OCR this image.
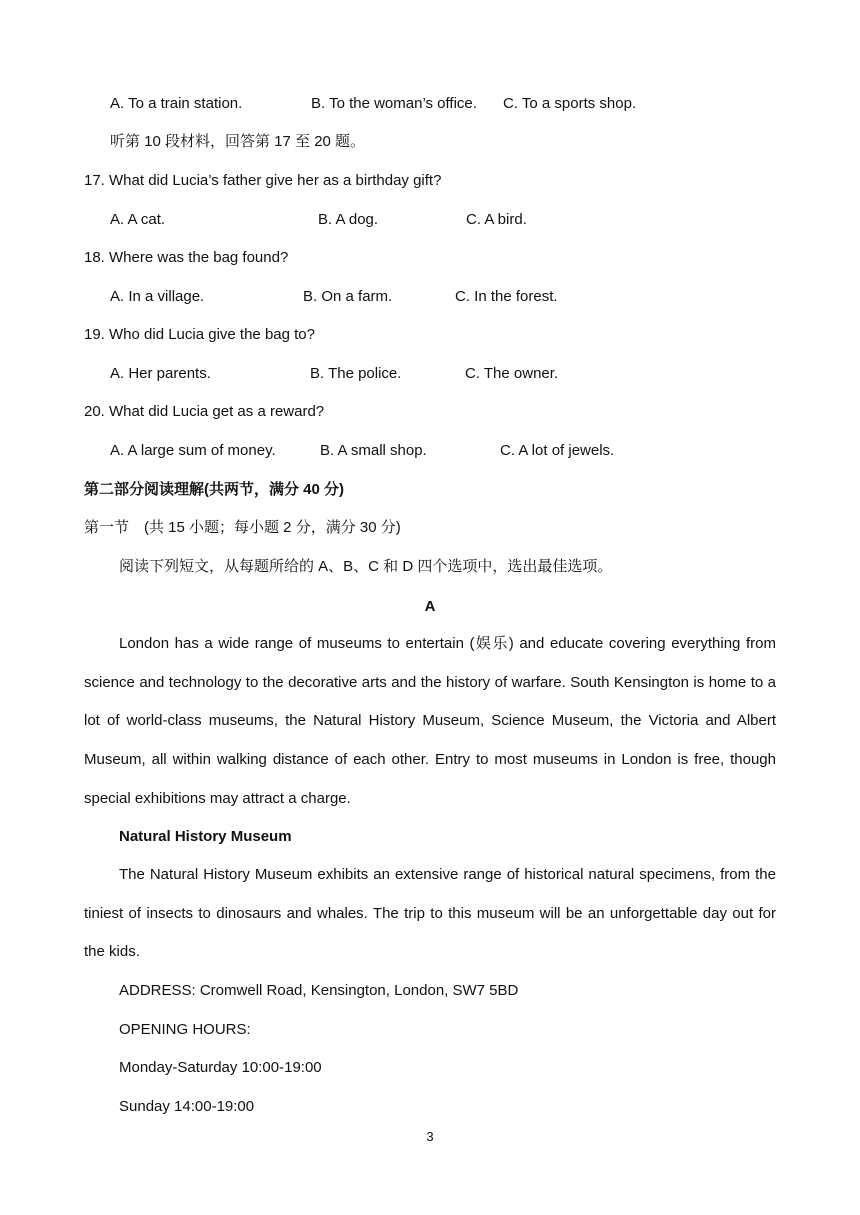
A. To a train station.	B. To the woman’s office. C. To a sports shop.
听第 10 段材料，回答第 17 至 20 题。
17. What did Lucia’s father give her as a birthday gift?
A. A cat.	B. A dog.	C. A bird.
18. Where was the bag found?
A. In a village.	B. On a farm.	C. In the forest.
19. Who did Lucia give the bag to?
A. Her parents.	B. The police.	C. The owner.
20. What did Lucia get as a reward?
A. A large sum of money.	B. A small shop.	C. A lot of jewels.
第二部分阅读理解(共两节，满分 40 分)
第一节　(共 15 小题；每小题 2 分，满分 30 分)
阅读下列短文，从每题所给的 A、B、C 和 D 四个选项中，选出最佳选项。
A
London has a wide range of museums to entertain (娱乐) and educate covering everything from science and technology to the decorative arts and the history of warfare. South Kensington is home to a lot of world-class museums, the Natural History Museum, Science Museum, the Victoria and Albert Museum, all within walking distance of each other. Entry to most museums in London is free, though special exhibitions may attract a charge.
Natural History Museum
The Natural History Museum exhibits an extensive range of historical natural specimens, from the tiniest of insects to dinosaurs and whales. The trip to this museum will be an unforgettable day out for the kids.
ADDRESS: Cromwell Road, Kensington, London, SW7 5BD
OPENING HOURS:
Monday-Saturday 10:00-19:00
Sunday 14:00-19:00
3
